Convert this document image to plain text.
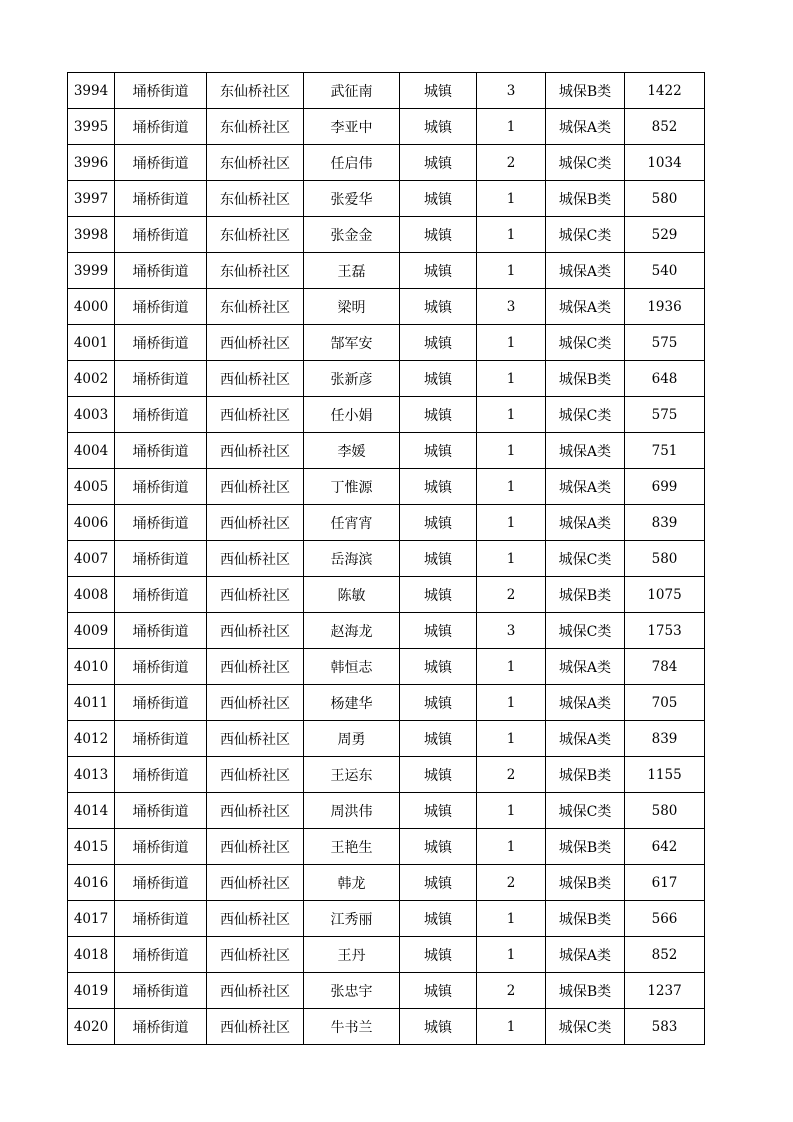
3994	埇桥街道	东仙桥社区	武征南	城镇	3	城保B类	1422
3995	埇桥街道	东仙桥社区	李亚中	城镇	1	城保A类	852
3996	埇桥街道	东仙桥社区	任启伟	城镇	2	城保C类	1034
3997	埇桥街道	东仙桥社区	张爱华	城镇	1	城保B类	580
3998	埇桥街道	东仙桥社区	张金金	城镇	1	城保C类	529
3999	埇桥街道	东仙桥社区	王磊	城镇	1	城保A类	540
4000	埇桥街道	东仙桥社区	梁明	城镇	3	城保A类	1936
4001	埇桥街道	西仙桥社区	郜军安	城镇	1	城保C类	575
4002	埇桥街道	西仙桥社区	张新彦	城镇	1	城保B类	648
4003	埇桥街道	西仙桥社区	任小娟	城镇	1	城保C类	575
4004	埇桥街道	西仙桥社区	李媛	城镇	1	城保A类	751
4005	埇桥街道	西仙桥社区	丁惟源	城镇	1	城保A类	699
4006	埇桥街道	西仙桥社区	任宵宵	城镇	1	城保A类	839
4007	埇桥街道	西仙桥社区	岳海滨	城镇	1	城保C类	580
4008	埇桥街道	西仙桥社区	陈敏	城镇	2	城保B类	1075
4009	埇桥街道	西仙桥社区	赵海龙	城镇	3	城保C类	1753
4010	埇桥街道	西仙桥社区	韩恒志	城镇	1	城保A类	784
4011	埇桥街道	西仙桥社区	杨建华	城镇	1	城保A类	705
4012	埇桥街道	西仙桥社区	周勇	城镇	1	城保A类	839
4013	埇桥街道	西仙桥社区	王运东	城镇	2	城保B类	1155
4014	埇桥街道	西仙桥社区	周洪伟	城镇	1	城保C类	580
4015	埇桥街道	西仙桥社区	王艳生	城镇	1	城保B类	642
4016	埇桥街道	西仙桥社区	韩龙	城镇	2	城保B类	617
4017	埇桥街道	西仙桥社区	江秀丽	城镇	1	城保B类	566
4018	埇桥街道	西仙桥社区	王丹	城镇	1	城保A类	852
4019	埇桥街道	西仙桥社区	张忠宇	城镇	2	城保B类	1237
4020	埇桥街道	西仙桥社区	牛书兰	城镇	1	城保C类	583
